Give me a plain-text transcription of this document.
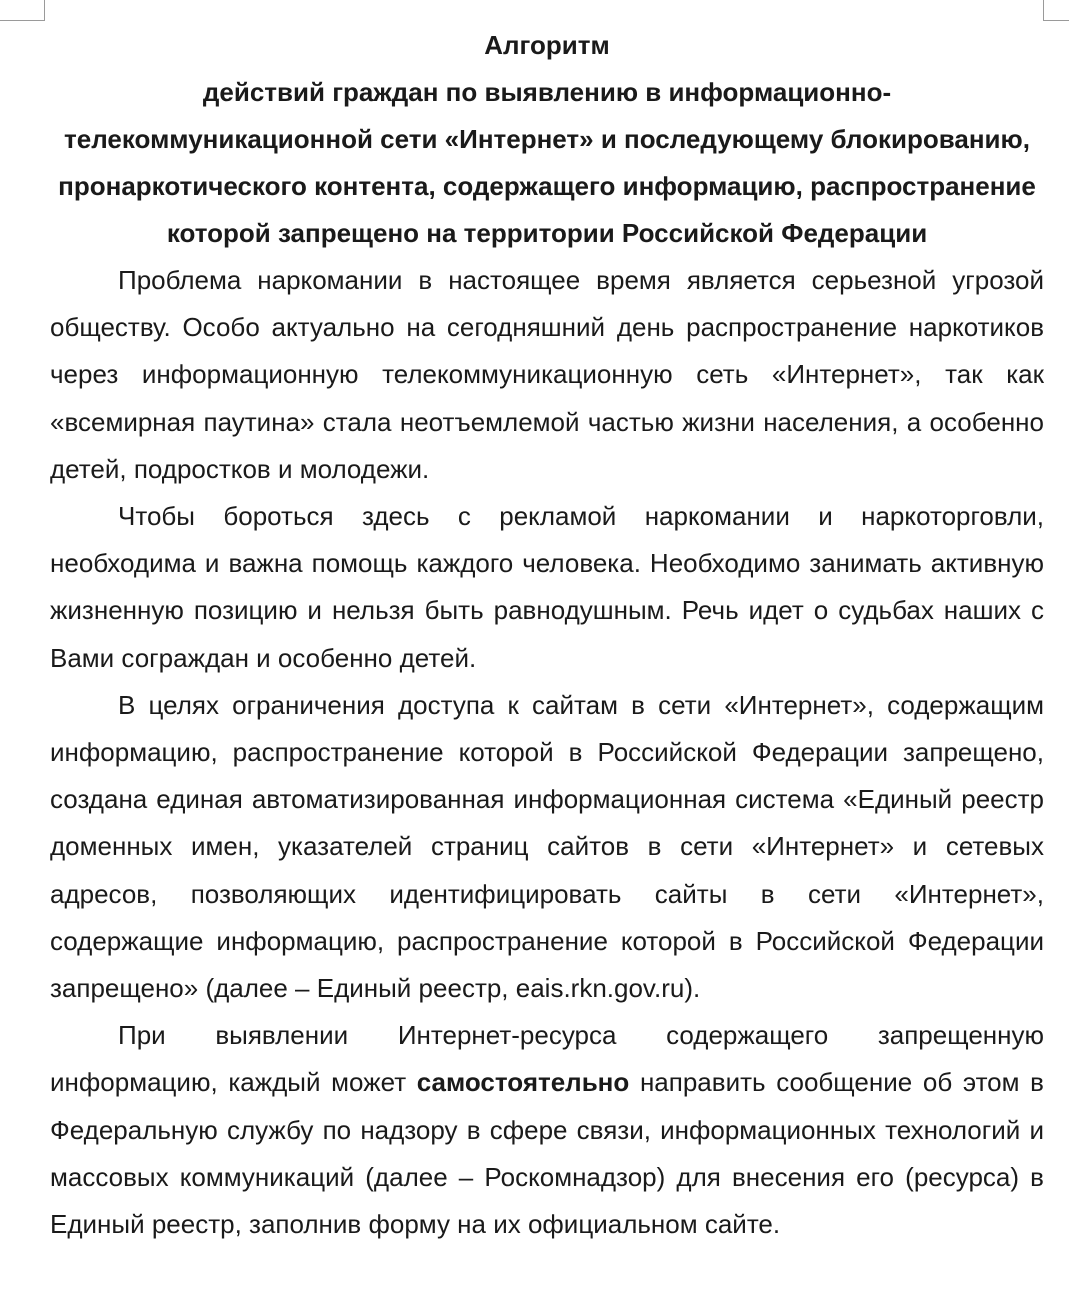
Алгоритм
действий граждан по выявлению в информационно-
телекоммуникационной сети «Интернет» и последующему блокированию,
пронаркотического контента, содержащего информацию, распространение
которой запрещено на территории Российской Федерации

Проблема наркомании в настоящее время является серьезной угрозой обществу. Особо актуально на сегодняшний день распространение наркотиков через информационную телекоммуникационную сеть «Интернет», так как «всемирная паутина» стала неотъемлемой частью жизни населения, а особенно детей, подростков и молодежи.

Чтобы бороться здесь с рекламой наркомании и наркоторговли, необходима и важна помощь каждого человека. Необходимо занимать активную жизненную позицию и нельзя быть равнодушным. Речь идет о судьбах наших с Вами сограждан и особенно детей.

В целях ограничения доступа к сайтам в сети «Интернет», содержащим информацию, распространение которой в Российской Федерации запрещено, создана единая автоматизированная информационная система «Единый реестр доменных имен, указателей страниц сайтов в сети «Интернет» и сетевых адресов, позволяющих идентифицировать сайты в сети «Интернет», содержащие информацию, распространение которой в Российской Федерации запрещено» (далее – Единый реестр, eais.rkn.gov.ru).

При выявлении Интернет-ресурса содержащего запрещенную информацию, каждый может самостоятельно направить сообщение об этом в Федеральную службу по надзору в сфере связи, информационных технологий и массовых коммуникаций (далее – Роскомнадзор) для внесения его (ресурса) в Единый реестр, заполнив форму на их официальном сайте.
